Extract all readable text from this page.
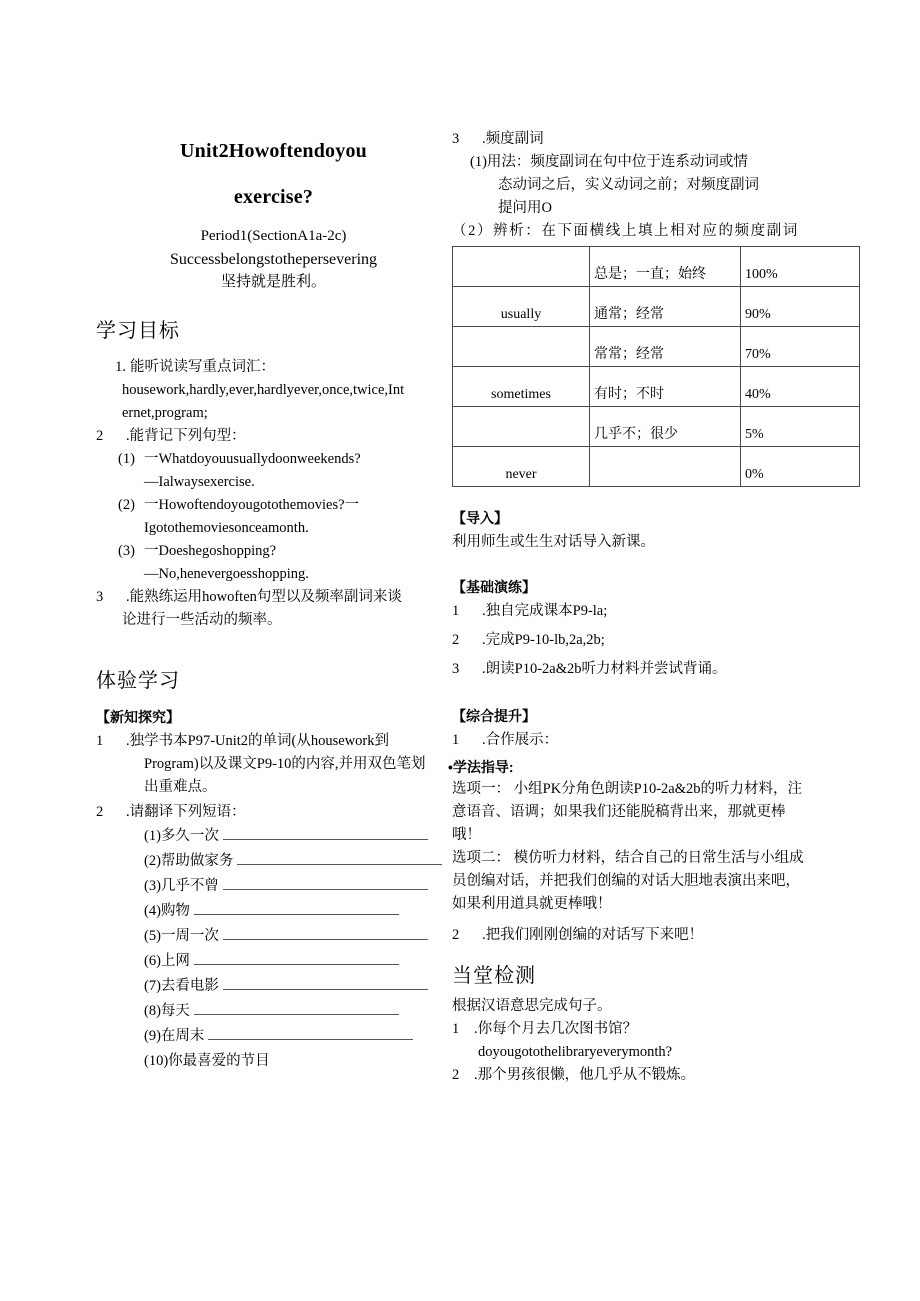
Unit2Howoftendoyou
exercise?
Period1(SectionA1a-2c)
Successbelongstothepersevering
坚持就是胜利。
学习目标
1. 能听说读写重点词汇：
housework,hardly,ever,hardlyever,once,twice,Int
ernet,program;
2	.能背记下列句型：
(1) 一Whatdoyouusuallydoonweekends?
—Ialwaysexercise.
(2) 一Howoftendoyougotothemovies?一
Igotothemoviesonceamonth.
(3) 一Doeshegoshopping?
—No,henevergoesshopping.
3	.能熟练运用howoften句型以及频率副词来谈
论进行一些活动的频率。
体验学习
【新知探究】
1	.独学书本P97-Unit2的单词(从housework到
Program)以及课文P9-10的内容,并用双色笔划
出重难点。
2	.请翻译下列短语：
(1)多久一次
(2)帮助做家务
(3)几乎不曾
(4)购物
(5)一周一次
(6)上网
(7)去看电影
(8)每天
(9)在周末
(10)你最喜爱的节目
3	.频度副词
(1)用法：频度副词在句中位于连系动词或情
态动词之后，实义动词之前；对频度副词
提问用O
（2）辨析：在下面横线上填上相对应的频度副词
	总是；一直；始终	100%
usually	通常；经常	90%
	常常；经常	70%
sometimes	有时；不时	40%
	几乎不；很少	5%
never		0%
【导入】
利用师生或生生对话导入新课。
【基础演练】
1	.独自完成课本P9-la;
2	.完成P9-10-lb,2a,2b;
3	.朗读P10-2a&2b听力材料并尝试背诵。
【综合提升】
1	.合作展示：
•学法指导:
选项一： 小组PK分角色朗读P10-2a&2b的听力材料，注
意语音、语调；如果我们还能脱稿背出来，那就更棒
哦！
选项二： 模仿听力材料，结合自己的日常生活与小组成
员创编对话，并把我们创编的对话大胆地表演出来吧，
如果利用道具就更棒哦！
2	.把我们刚刚创编的对话写下来吧！
当堂检测
根据汉语意思完成句子。
1	.你每个月去几次图书馆？
doyougotothelibraryeverymonth?
2	.那个男孩很懒，他几乎从不锻炼。
